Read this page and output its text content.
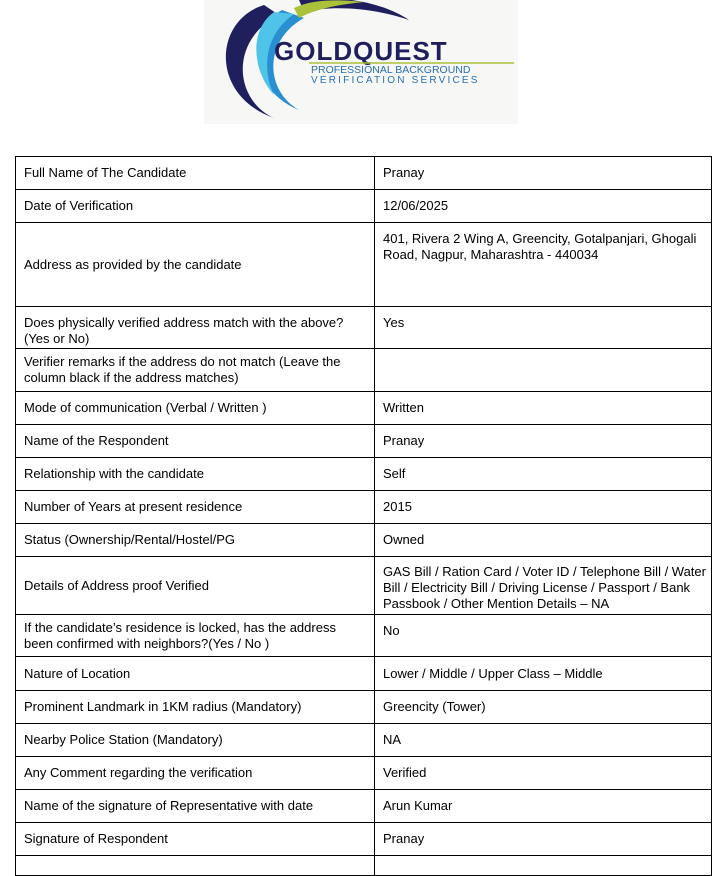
GOLDQUEST
PROFESSIONAL BACKGROUND
VERIFICATION SERVICES
Full Name of The Candidate	Pranay
Date of Verification	12/06/2025
Address as provided by the candidate	401, Rivera 2 Wing A, Greencity, Gotalpanjari, Ghogali Road, Nagpur, Maharashtra - 440034
Does physically verified address match with the above? (Yes or No)	Yes
Verifier remarks if the address do not match (Leave the column black if the address matches)	
Mode of communication (Verbal / Written )	Written
Name of the Respondent	Pranay
Relationship with the candidate	Self
Number of Years at present residence	2015
Status (Ownership/Rental/Hostel/PG	Owned
Details of Address proof Verified	GAS Bill / Ration Card / Voter ID / Telephone Bill / Water Bill / Electricity Bill / Driving License / Passport / Bank Passbook / Other Mention Details – NA
If the candidate’s residence is locked, has the address been confirmed with neighbors?(Yes / No )	No
Nature of Location	Lower / Middle / Upper Class – Middle
Prominent Landmark in 1KM radius (Mandatory)	Greencity (Tower)
Nearby Police Station (Mandatory)	NA
Any Comment regarding the verification	Verified
Name of the signature of Representative with date	Arun Kumar
Signature of Respondent	Pranay
